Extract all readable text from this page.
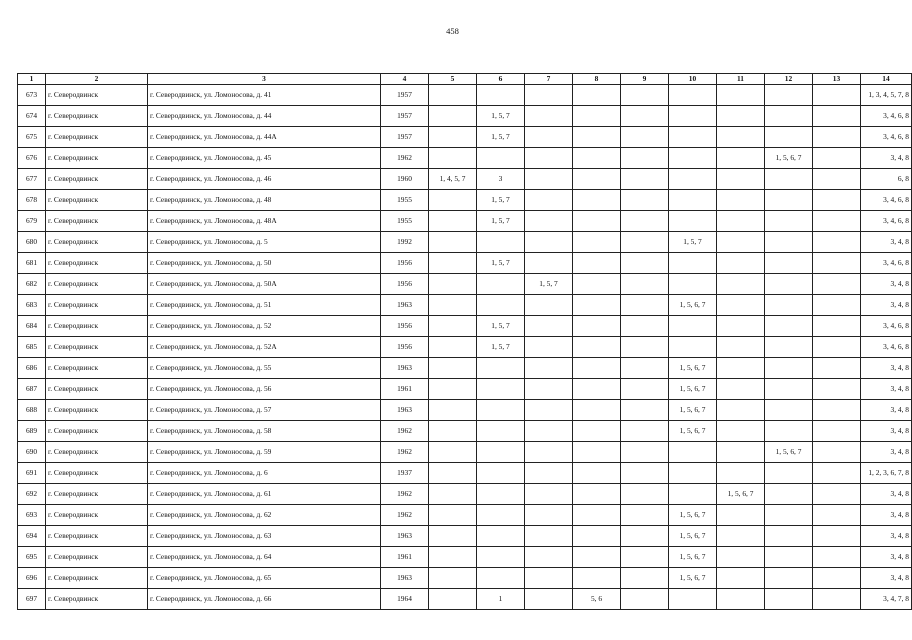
458
1	2	3	4	5	6	7	8	9	10	11	12	13	14
673	г. Северодвинск	г. Северодвинск, ул. Ломоносова, д. 41	1957										1, 3, 4, 5, 7, 8
674	г. Северодвинск	г. Северодвинск, ул. Ломоносова, д. 44	1957		1, 5, 7								3, 4, 6, 8
675	г. Северодвинск	г. Северодвинск, ул. Ломоносова, д. 44А	1957		1, 5, 7								3, 4, 6, 8
676	г. Северодвинск	г. Северодвинск, ул. Ломоносова, д. 45	1962								1, 5, 6, 7		3, 4, 8
677	г. Северодвинск	г. Северодвинск, ул. Ломоносова, д. 46	1960	1, 4, 5, 7	3								6, 8
678	г. Северодвинск	г. Северодвинск, ул. Ломоносова, д. 48	1955		1, 5, 7								3, 4, 6, 8
679	г. Северодвинск	г. Северодвинск, ул. Ломоносова, д. 48А	1955		1, 5, 7								3, 4, 6, 8
680	г. Северодвинск	г. Северодвинск, ул. Ломоносова, д. 5	1992						1, 5, 7				3, 4, 8
681	г. Северодвинск	г. Северодвинск, ул. Ломоносова, д. 50	1956		1, 5, 7								3, 4, 6, 8
682	г. Северодвинск	г. Северодвинск, ул. Ломоносова, д. 50А	1956			1, 5, 7							3, 4, 8
683	г. Северодвинск	г. Северодвинск, ул. Ломоносова, д. 51	1963						1, 5, 6, 7				3, 4, 8
684	г. Северодвинск	г. Северодвинск, ул. Ломоносова, д. 52	1956		1, 5, 7								3, 4, 6, 8
685	г. Северодвинск	г. Северодвинск, ул. Ломоносова, д. 52А	1956		1, 5, 7								3, 4, 6, 8
686	г. Северодвинск	г. Северодвинск, ул. Ломоносова, д. 55	1963						1, 5, 6, 7				3, 4, 8
687	г. Северодвинск	г. Северодвинск, ул. Ломоносова, д. 56	1961						1, 5, 6, 7				3, 4, 8
688	г. Северодвинск	г. Северодвинск, ул. Ломоносова, д. 57	1963						1, 5, 6, 7				3, 4, 8
689	г. Северодвинск	г. Северодвинск, ул. Ломоносова, д. 58	1962						1, 5, 6, 7				3, 4, 8
690	г. Северодвинск	г. Северодвинск, ул. Ломоносова, д. 59	1962								1, 5, 6, 7		3, 4, 8
691	г. Северодвинск	г. Северодвинск, ул. Ломоносова, д. 6	1937										1, 2, 3, 6, 7, 8
692	г. Северодвинск	г. Северодвинск, ул. Ломоносова, д. 61	1962							1, 5, 6, 7			3, 4, 8
693	г. Северодвинск	г. Северодвинск, ул. Ломоносова, д. 62	1962						1, 5, 6, 7				3, 4, 8
694	г. Северодвинск	г. Северодвинск, ул. Ломоносова, д. 63	1963						1, 5, 6, 7				3, 4, 8
695	г. Северодвинск	г. Северодвинск, ул. Ломоносова, д. 64	1961						1, 5, 6, 7				3, 4, 8
696	г. Северодвинск	г. Северодвинск, ул. Ломоносова, д. 65	1963						1, 5, 6, 7				3, 4, 8
697	г. Северодвинск	г. Северодвинск, ул. Ломоносова, д. 66	1964		1		5, 6						3, 4, 7, 8
